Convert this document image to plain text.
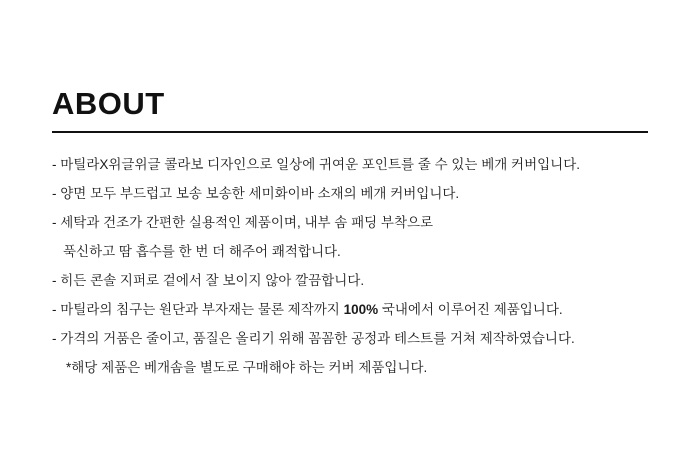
ABOUT
- 마틸라X위글위글 콜라보 디자인으로 일상에 귀여운 포인트를 줄 수 있는 베개 커버입니다.
- 양면 모두 부드럽고 보송 보송한 세미화이바 소재의 베개 커버입니다.
- 세탁과 건조가 간편한 실용적인 제품이며, 내부 솜 패딩 부착으로
푹신하고 땀 흡수를 한 번 더 해주어 쾌적합니다.
- 히든 콘솔 지퍼로 겉에서 잘 보이지 않아 깔끔합니다.
- 마틸라의 침구는 원단과 부자재는 물론 제작까지 100% 국내에서 이루어진 제품입니다.
- 가격의 거품은 줄이고, 품질은 올리기 위해 꼼꼼한 공정과 테스트를 거쳐 제작하였습니다.
*해당 제품은 베개솜을 별도로 구매해야 하는 커버 제품입니다.
